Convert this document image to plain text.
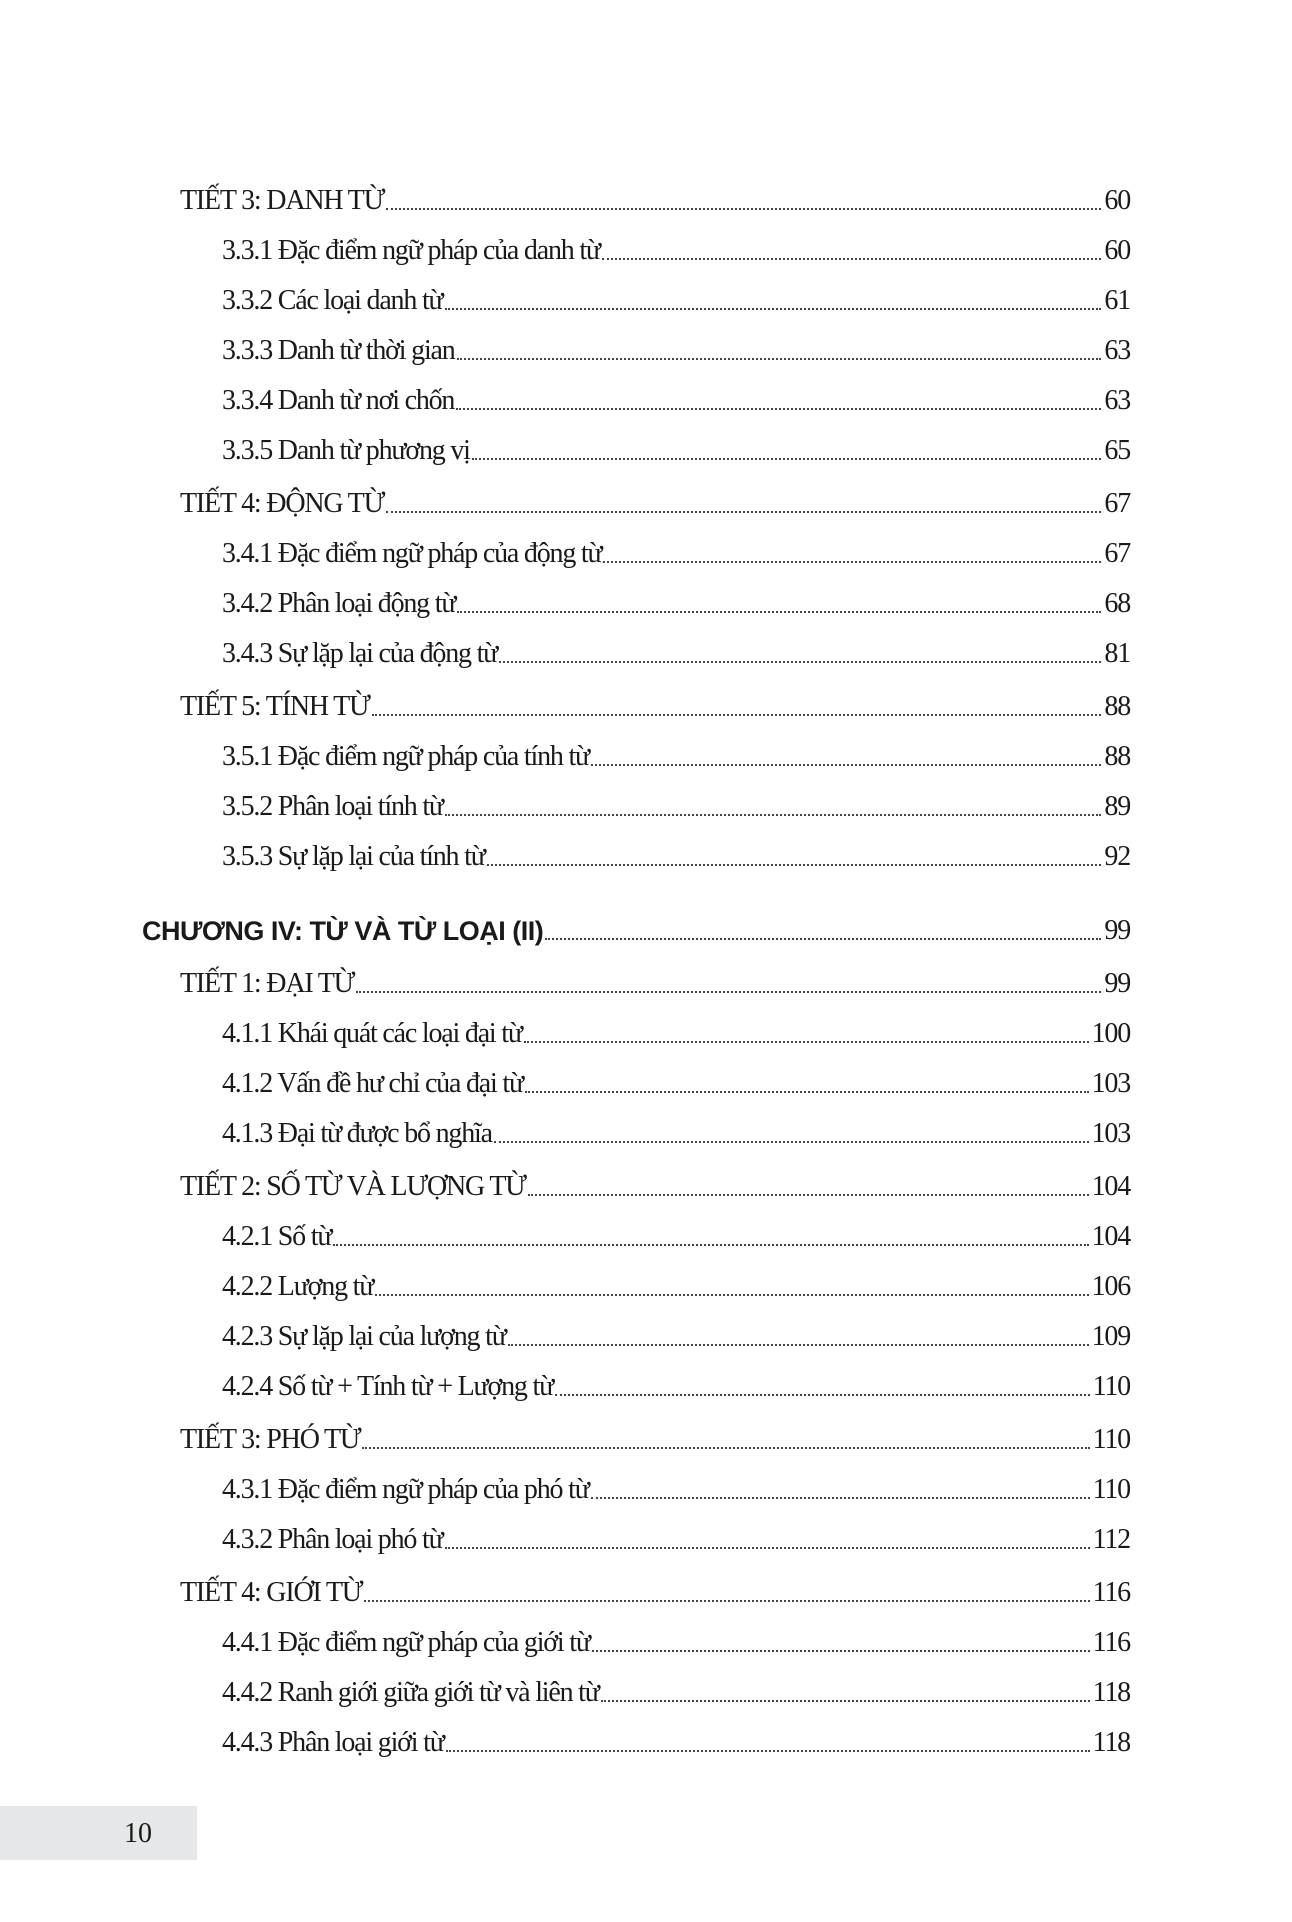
TIẾT 3: DANH TỪ	60
3.3.1 Đặc điểm ngữ pháp của danh từ	60
3.3.2 Các loại danh từ	61
3.3.3 Danh từ thời gian	63
3.3.4 Danh từ nơi chốn	63
3.3.5 Danh từ phương vị	65
TIẾT 4: ĐỘNG TỪ	67
3.4.1 Đặc điểm ngữ pháp của động từ	67
3.4.2 Phân loại động từ	68
3.4.3 Sự lặp lại của động từ	81
TIẾT 5: TÍNH TỪ	88
3.5.1 Đặc điểm ngữ pháp của tính từ	88
3.5.2 Phân loại tính từ	89
3.5.3 Sự lặp lại của tính từ	92
CHƯƠNG IV: TỪ VÀ TỪ LOẠI (II)	99
TIẾT 1: ĐẠI TỪ	99
4.1.1 Khái quát các loại đại từ	100
4.1.2 Vấn đề hư chỉ của đại từ	103
4.1.3 Đại từ được bổ nghĩa	103
TIẾT 2: SỐ TỪ VÀ LƯỢNG TỪ	104
4.2.1 Số từ	104
4.2.2 Lượng từ	106
4.2.3 Sự lặp lại của lượng từ	109
4.2.4 Số từ + Tính từ + Lượng từ	110
TIẾT 3: PHÓ TỪ	110
4.3.1 Đặc điểm ngữ pháp của phó từ	110
4.3.2 Phân loại phó từ	112
TIẾT 4: GIỚI TỪ	116
4.4.1 Đặc điểm ngữ pháp của giới từ	116
4.4.2 Ranh giới giữa giới từ và liên từ	118
4.4.3 Phân loại giới từ	118
10
